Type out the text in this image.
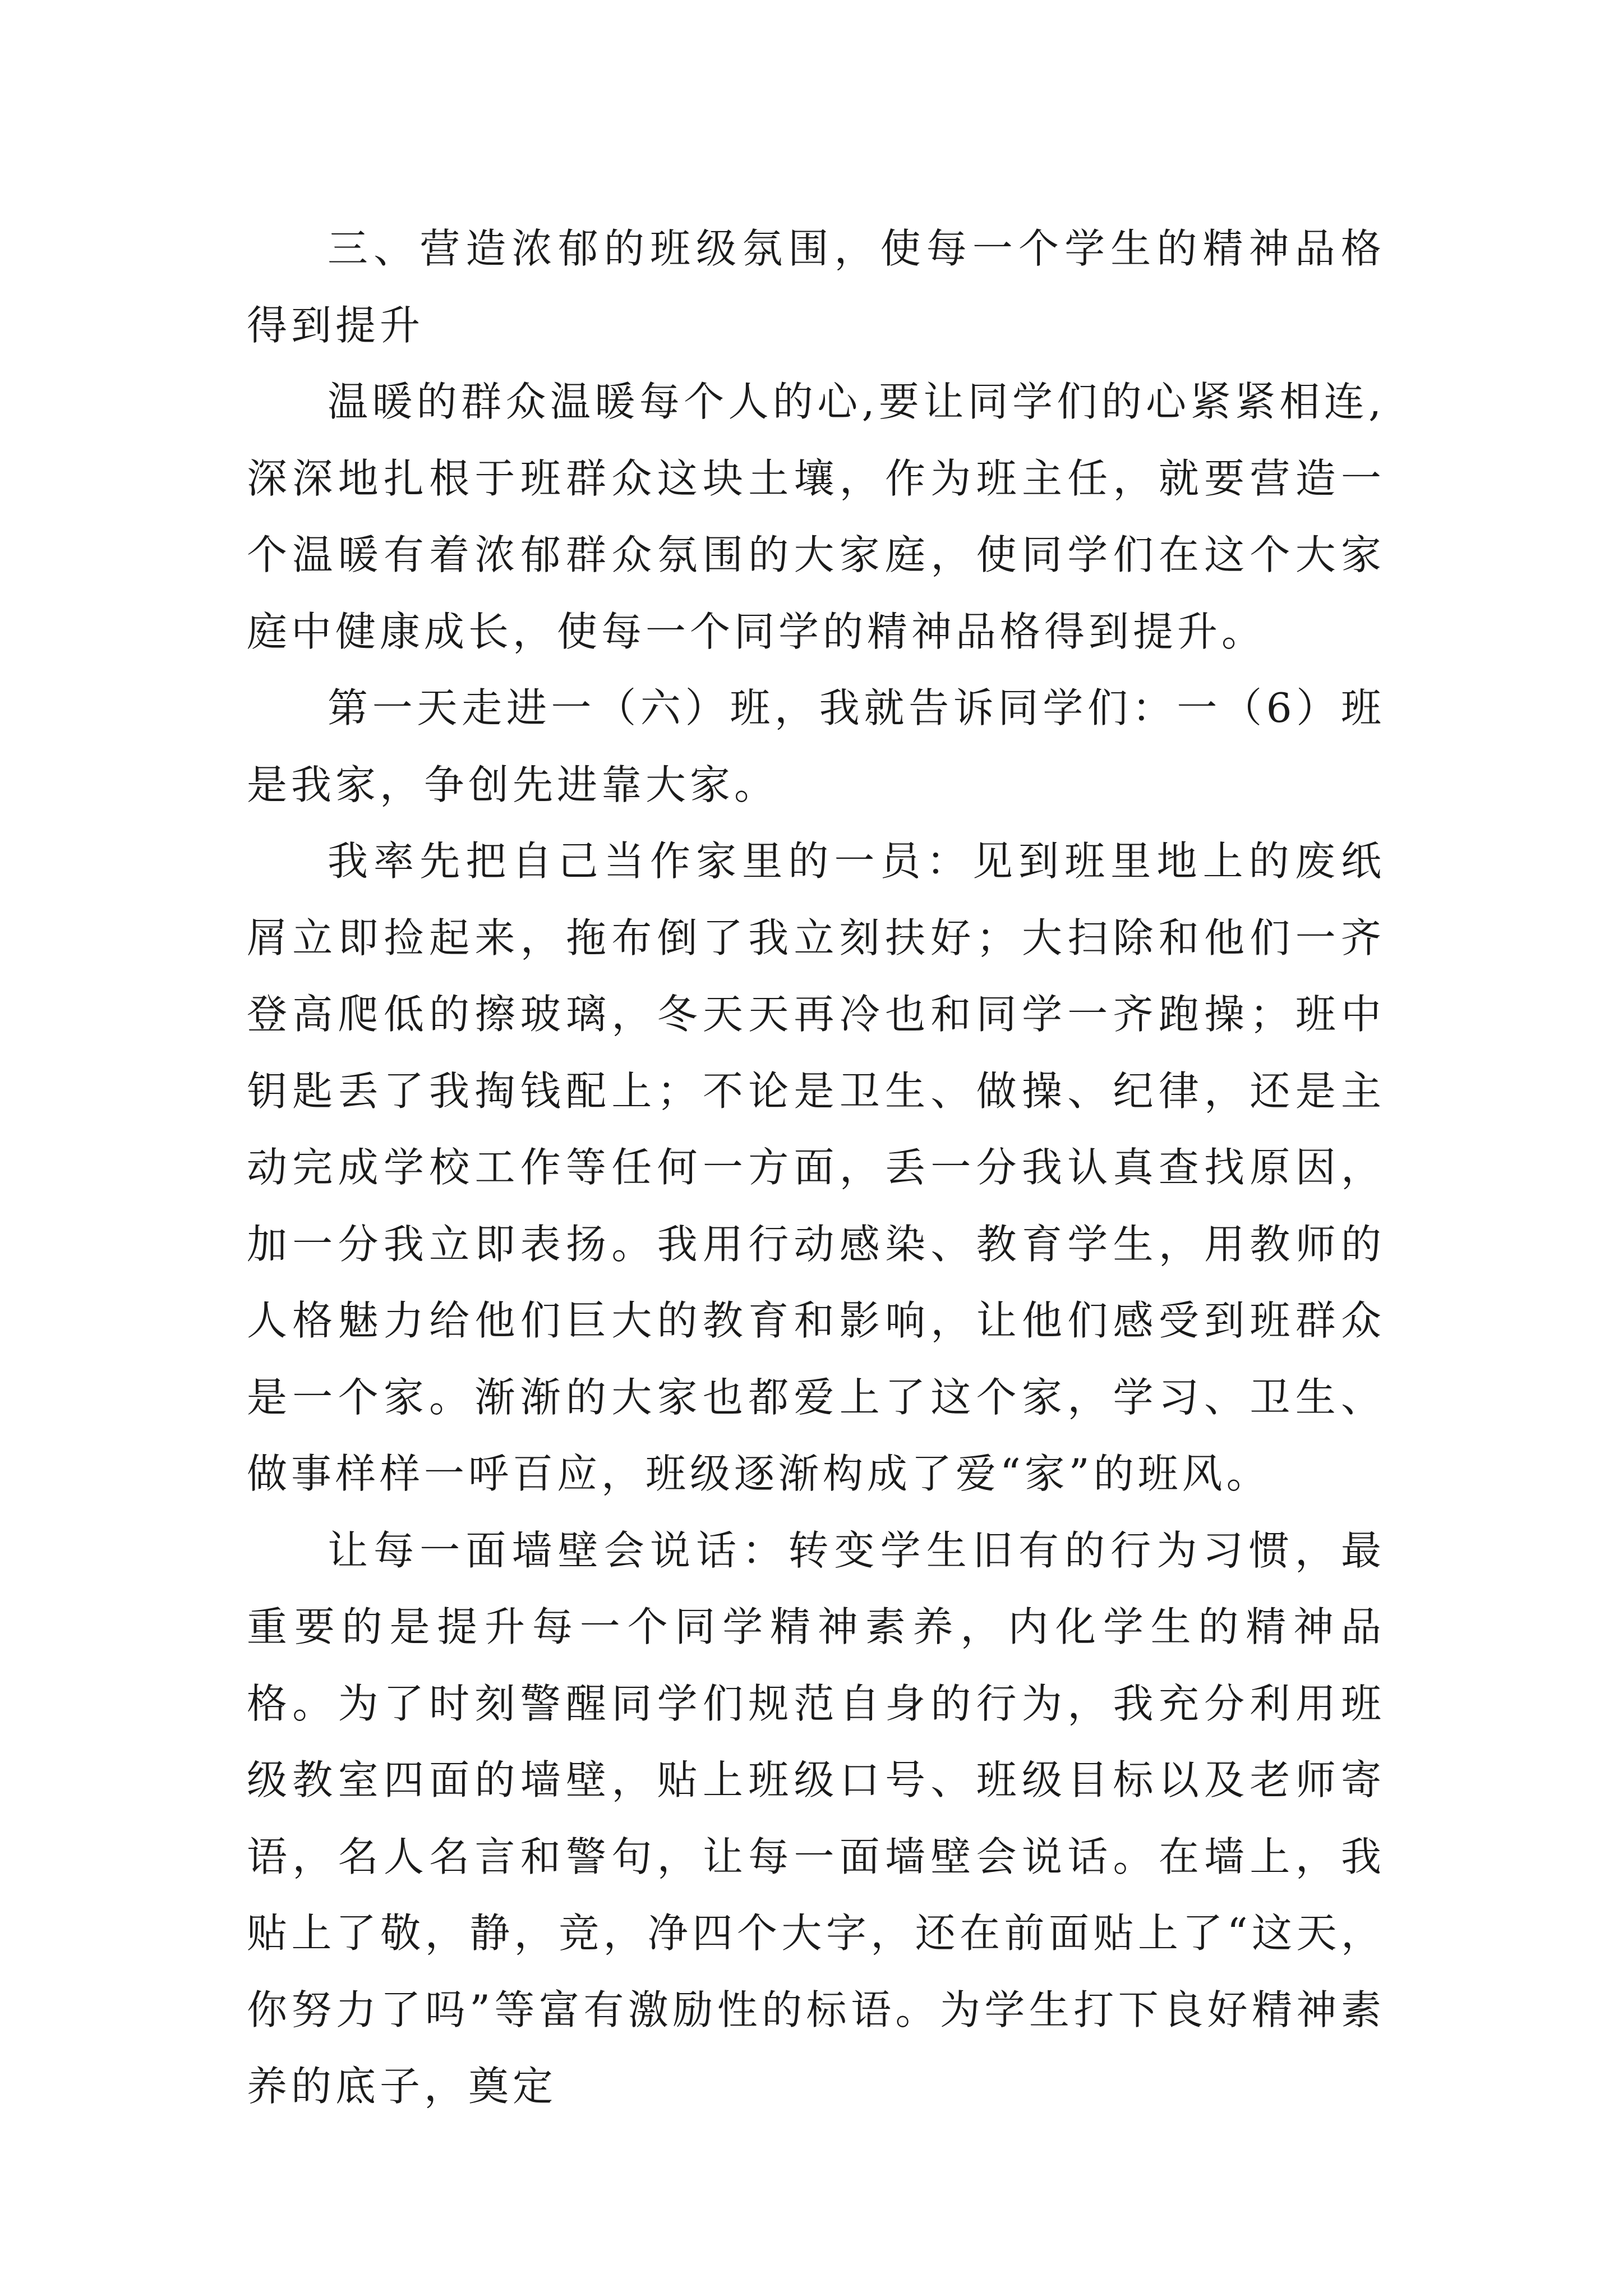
三、营造浓郁的班级氛围，使每一个学生的精神品格得到提升

温暖的群众温暖每个人的心,要让同学们的心紧紧相连,深深地扎根于班群众这块土壤，作为班主任，就要营造一个温暖有着浓郁群众氛围的大家庭，使同学们在这个大家庭中健康成长，使每一个同学的精神品格得到提升。

第一天走进一（六）班，我就告诉同学们：一（6）班是我家，争创先进靠大家。

我率先把自己当作家里的一员：见到班里地上的废纸屑立即捡起来，拖布倒了我立刻扶好；大扫除和他们一齐登高爬低的擦玻璃，冬天天再冷也和同学一齐跑操；班中钥匙丢了我掏钱配上；不论是卫生、做操、纪律，还是主动完成学校工作等任何一方面，丢一分我认真查找原因，加一分我立即表扬。我用行动感染、教育学生，用教师的人格魅力给他们巨大的教育和影响，让他们感受到班群众是一个家。渐渐的大家也都爱上了这个家，学习、卫生、做事样样一呼百应，班级逐渐构成了爱“家”的班风。

让每一面墙壁会说话：转变学生旧有的行为习惯，最重要的是提升每一个同学精神素养，内化学生的精神品格。为了时刻警醒同学们规范自身的行为，我充分利用班级教室四面的墙壁，贴上班级口号、班级目标以及老师寄语，名人名言和警句，让每一面墙壁会说话。在墙上，我贴上了敬，静，竞，净四个大字，还在前面贴上了“这天，你努力了吗”等富有激励性的标语。为学生打下良好精神素养的底子，奠定
